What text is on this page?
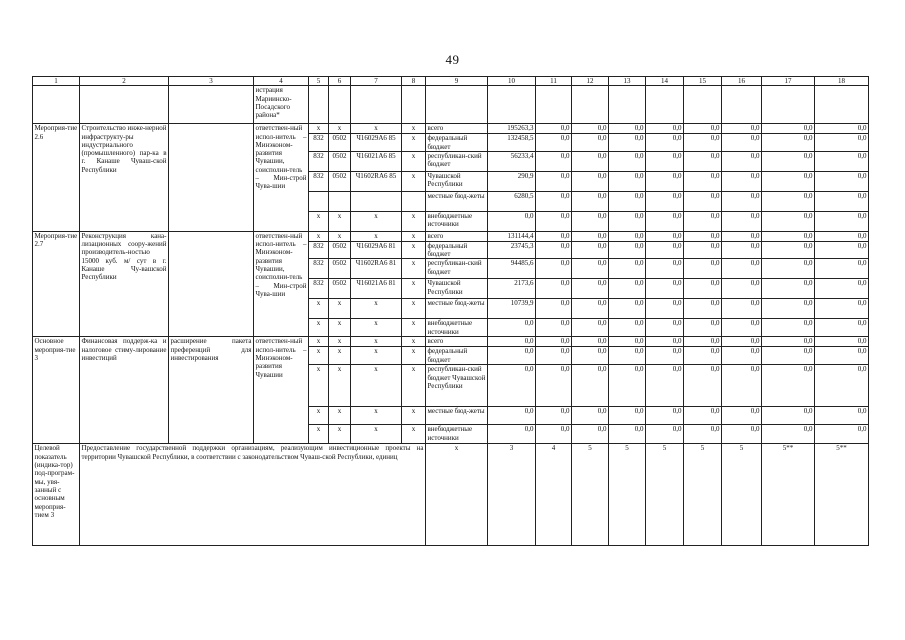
49
1	2	3	4	5	6	7	8	9	10	11	12	13	14	15	16	17	18
			истрация Мариинско-Посадского района*														
Мероприя-тие 2.6	Строительство инже-нерной инфраструкту-ры индустриального (промышленного) пар-ка в г. Канаше Чуваш-ской Республики		ответствен-ный испол-нитель – Минэконом-развития Чувашии, соисполни-тель – Мин-строй Чува-шии	x	x	x	x	всего	195263,3	0,0	0,0	0,0	0,0	0,0	0,0	0,0	0,0
				832	0502	Ч16029А6 85	x	федеральный бюджет	132458,5	0,0	0,0	0,0	0,0	0,0	0,0	0,0	0,0
				832	0502	Ч16021А6 85	x	республикан-ский бюджет	56233,4	0,0	0,0	0,0	0,0	0,0	0,0	0,0	0,0
				832	0502	Ч1602RА6 85	x	Чувашской Республики	290,9	0,0	0,0	0,0	0,0	0,0	0,0	0,0	0,0
								местные бюд-жеты	6280,5	0,0	0,0	0,0	0,0	0,0	0,0	0,0	0,0
				x	x	x	x	внебюджетные источники	0,0	0,0	0,0	0,0	0,0	0,0	0,0	0,0	0,0
Мероприя-тие 2.7	Реконструкция кана-лизационных соору-жений производитель-ностью 15000 куб. м/ сут в г. Канаше Чу-вашской Республики		ответствен-ный испол-нитель – Минэконом-развития Чувашии, соисполни-тель – Мин-строй Чува-шии	x	x	x	x	всего	131144,4	0,0	0,0	0,0	0,0	0,0	0,0	0,0	0,0
				832	0502	Ч16029А6 81	x	федеральный бюджет	23745,3	0,0	0,0	0,0	0,0	0,0	0,0	0,0	0,0
				832	0502	Ч1602RА6 81	x	республикан-ский бюджет	94485,6	0,0	0,0	0,0	0,0	0,0	0,0	0,0	0,0
				832	0502	Ч16021А6 81	x	Чувашской Республики	2173,6	0,0	0,0	0,0	0,0	0,0	0,0	0,0	0,0
				x	x	x	x	местные бюд-жеты	10739,9	0,0	0,0	0,0	0,0	0,0	0,0	0,0	0,0
				x	x	x	x	внебюджетные источники	0,0	0,0	0,0	0,0	0,0	0,0	0,0	0,0	0,0
Основное мероприя-тие 3	Финансовая поддерж-ка и налоговое стиму-лирование инвестиций	расширение пакета преференций для инвестирования	ответствен-ный испол-нитель – Минэконом-развития Чувашии	x	x	x	x	всего	0,0	0,0	0,0	0,0	0,0	0,0	0,0	0,0	0,0
				x	x	x	x	федеральный бюджет	0,0	0,0	0,0	0,0	0,0	0,0	0,0	0,0	0,0
				x	x	x	x	республикан-ский бюджет Чувашской Республики	0,0	0,0	0,0	0,0	0,0	0,0	0,0	0,0	0,0
				x	x	x	x	местные бюд-жеты	0,0	0,0	0,0	0,0	0,0	0,0	0,0	0,0	0,0
				x	x	x	x	внебюджетные источники	0,0	0,0	0,0	0,0	0,0	0,0	0,0	0,0	0,0
Целевой показатель (индика-тор) под-програм-мы, увя-занный с основным мероприя-тием 3	Предоставление государственной поддержки организациям, реализующим инвестиционные проекты на территории Чувашской Республики, в соответствии с законодательством Чуваш-ской Республики, единиц							x	3	4	5	5	5	5	5	5**	5**
